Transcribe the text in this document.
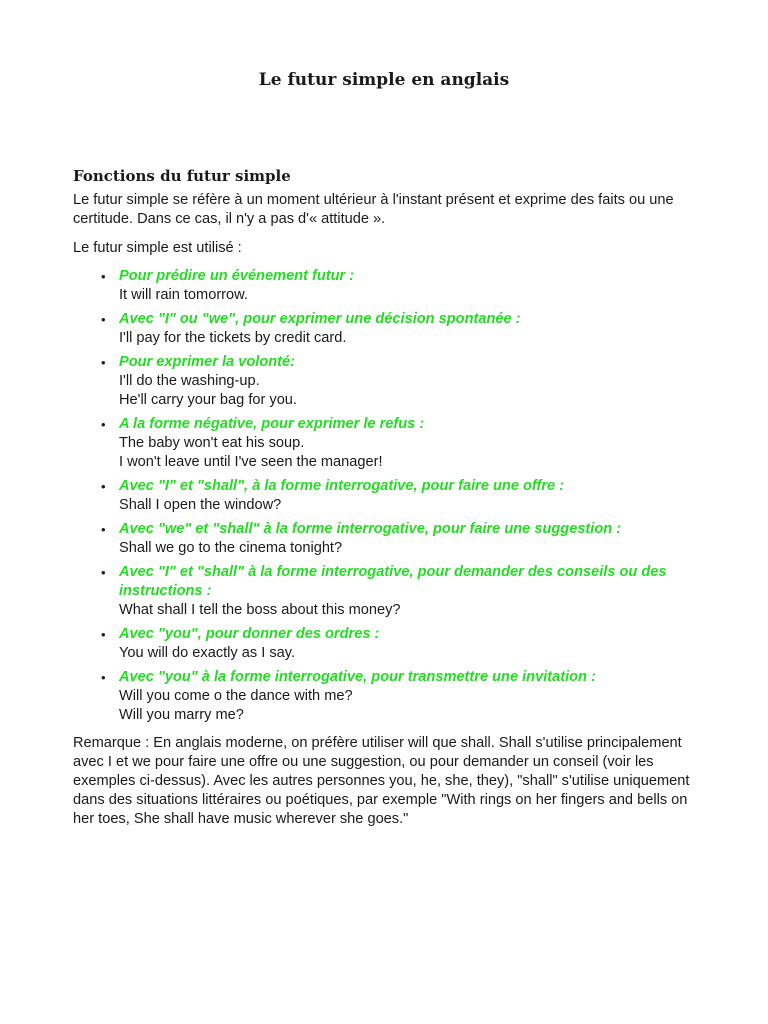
Le futur simple en anglais
Fonctions du futur simple

Le futur simple se réfère à un moment ultérieur à l'instant présent et exprime des faits ou une certitude. Dans ce cas, il n'y a pas d'« attitude ».

Le futur simple est utilisé :

• Pour prédire un événement futur :
It will rain tomorrow.
• Avec "I" ou "we", pour exprimer une décision spontanée :
I'll pay for the tickets by credit card.
• Pour exprimer la volonté:
I'll do the washing-up.
He'll carry your bag for you.
• A la forme négative, pour exprimer le refus :
The baby won't eat his soup.
I won't leave until I've seen the manager!
• Avec "I" et "shall", à la forme interrogative, pour faire une offre :
Shall I open the window?
• Avec "we" et "shall" à la forme interrogative, pour faire une suggestion :
Shall we go to the cinema tonight?
• Avec "I" et "shall" à la forme interrogative, pour demander des conseils ou des instructions :
What shall I tell the boss about this money?
• Avec "you", pour donner des ordres :
You will do exactly as I say.
• Avec "you" à la forme interrogative, pour transmettre une invitation :
Will you come o the dance with me?
Will you marry me?

Remarque : En anglais moderne, on préfère utiliser will que shall. Shall s'utilise principalement avec I et we pour faire une offre ou une suggestion, ou pour demander un conseil (voir les exemples ci-dessus). Avec les autres personnes you, he, she, they), "shall" s'utilise uniquement dans des situations littéraires ou poétiques, par exemple "With rings on her fingers and bells on her toes, She shall have music wherever she goes."
